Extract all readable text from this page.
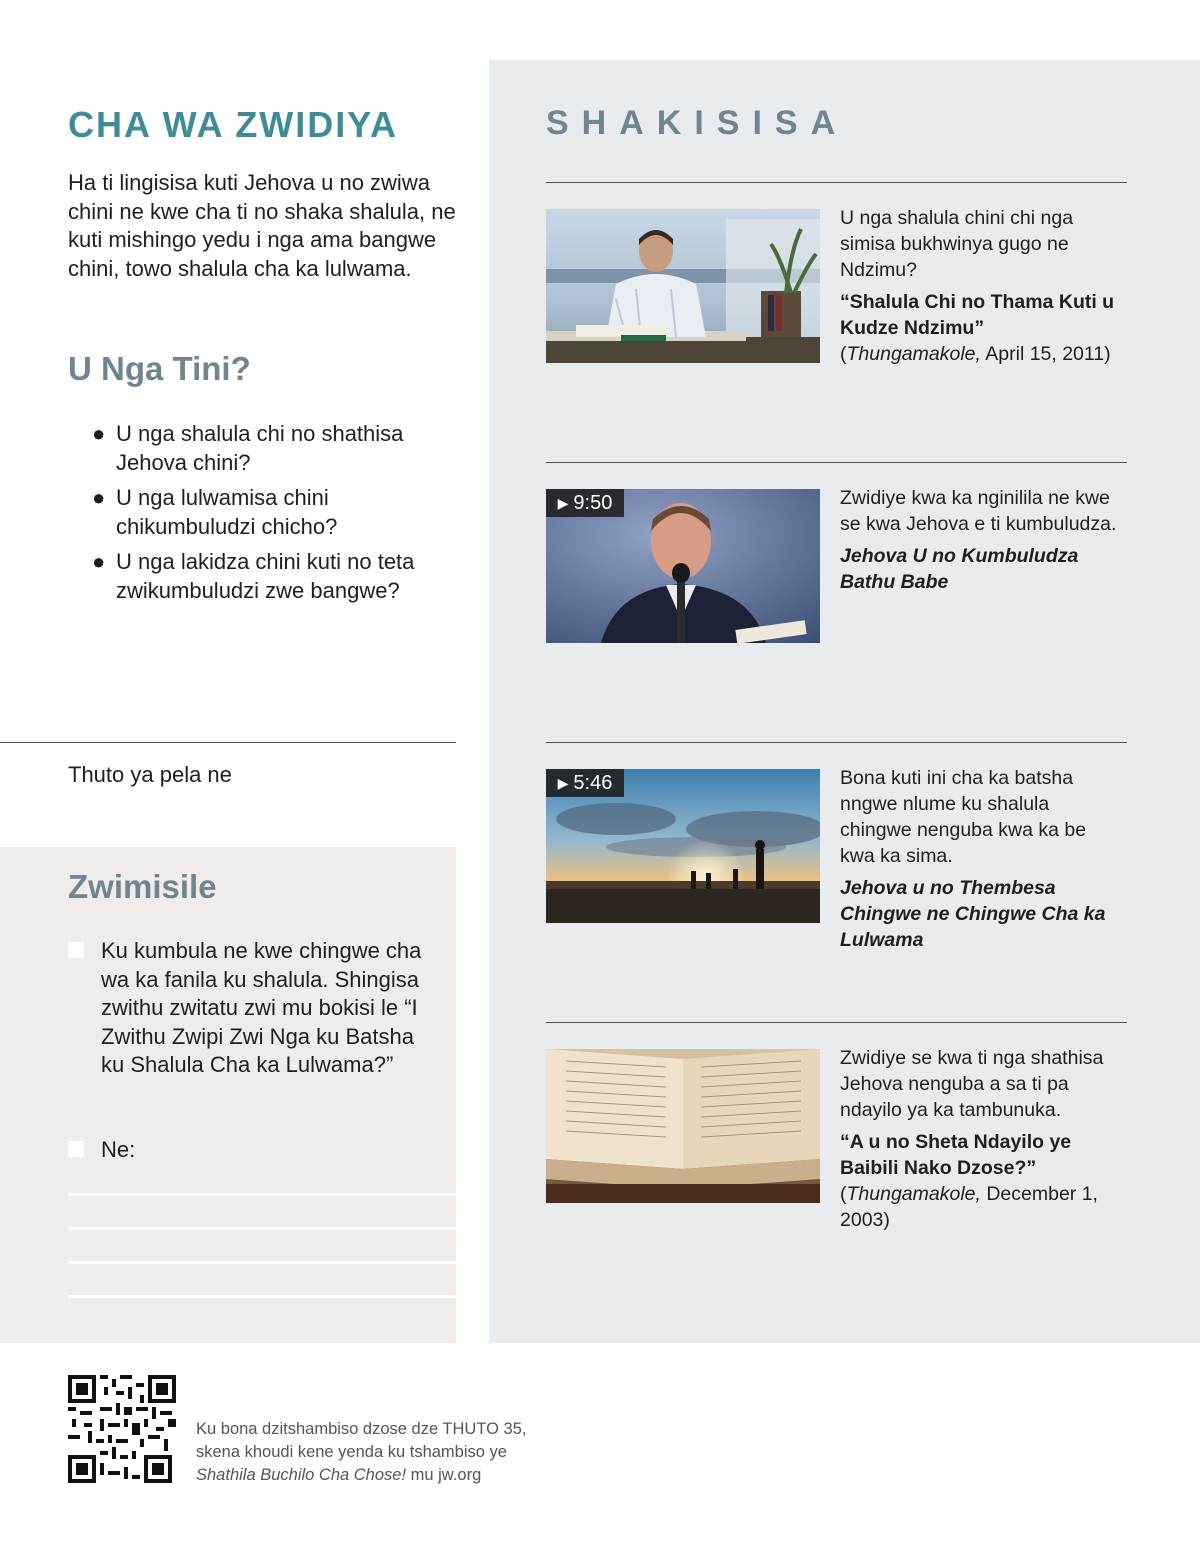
CHA WA ZWIDIYA

Ha ti lingisisa kuti Jehova u no zwiwa chini ne kwe cha ti no shaka shalula, ne kuti mishingo yedu i nga ama bangwe chini, towo shalula cha ka lulwama.

U Nga Tini?
● U nga shalula chi no shathisa Jehova chini?
● U nga lulwamisa chini chikumbuludzi chicho?
● U nga lakidza chini kuti no teta zwikumbuludzi zwe bangwe?

Thuto ya pela ne

Zwimisile
Ku kumbula ne kwe chingwe cha wa ka fanila ku shalula. Shingisa zwithu zwitatu zwi mu bokisi le “I Zwithu Zwipi Zwi Nga ku Batsha ku Shalula Cha ka Lulwama?”
Ne:
SHAKISISA

U nga shalula chini chi nga simisa bukhwinya gugo ne Ndzimu?

“Shalula Chi no Thama Kuti u Kudze Ndzimu” (Thungamakole, April 15, 2011)

▶ 9:50	Zwidiye kwa ka nginilila ne kwe se kwa Jehova e ti kumbuludza.

Jehova U no Kumbuludza Bathu Babe

▶ 5:46	Bona kuti ini cha ka batsha nngwe nlume ku shalula chingwe nenguba kwa ka be kwa ka sima.

Jehova u no Thembesa Chingwe ne Chingwe Cha ka Lulwama

Zwidiye se kwa ti nga shathisa Jehova nenguba a sa ti pa ndayilo ya ka tambunuka.

“A u no Sheta Ndayilo ye Baibili Nako Dzose?”
(Thungamakole, December 1, 2003)

Ku bona dzitshambiso dzose dze THUTO 35,
skena khoudi kene yenda ku tshambiso ye
Shathila Buchilo Cha Chose! mu jw.org
